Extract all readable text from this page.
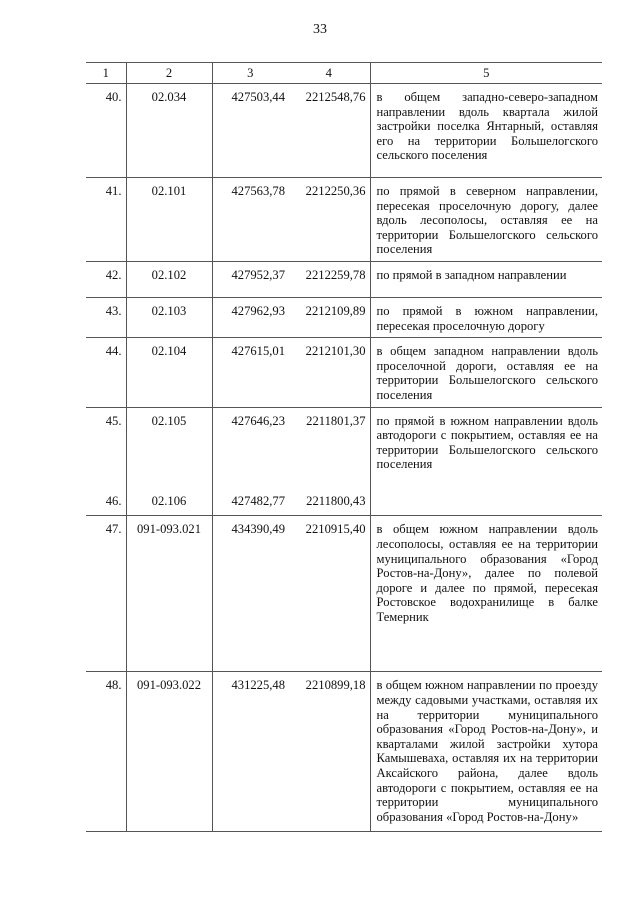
33
1	2	3	4	5
40.	02.034	427503,44	2212548,76	в общем западно-северо-западном направлении вдоль квартала жилой застройки поселка Янтарный, оставляя его на территории Большелогского сельского поселения
41.	02.101	427563,78	2212250,36	по прямой в северном направлении, пересекая проселочную дорогу, далее вдоль лесополосы, оставляя ее на территории Большелогского сельского поселения
42.	02.102	427952,37	2212259,78	по прямой в западном направлении
43.	02.103	427962,93	2212109,89	по прямой в южном направлении, пересекая проселочную дорогу
44.	02.104	427615,01	2212101,30	в общем западном направлении вдоль проселочной дороги, оставляя ее на территории Большелогского сельского поселения
45.	02.105	427646,23	2211801,37	по прямой в южном направлении вдоль автодороги с покрытием, оставляя ее на территории Большелогского сельского поселения
46.	02.106	427482,77	2211800,43	
47.	091-093.021	434390,49	2210915,40	в общем южном направлении вдоль лесополосы, оставляя ее на территории муниципального образования «Город Ростов-на-Дону», далее по полевой дороге и далее по прямой, пересекая Ростовское водохранилище в балке Темерник
48.	091-093.022	431225,48	2210899,18	в общем южном направлении по проезду между садовыми участками, оставляя их на территории муниципального образования «Город Ростов-на-Дону», и кварталами жилой застройки хутора Камышеваха, оставляя их на территории Аксайского района, далее вдоль автодороги с покрытием, оставляя ее на территории муниципального образования «Город Ростов-на-Дону»
